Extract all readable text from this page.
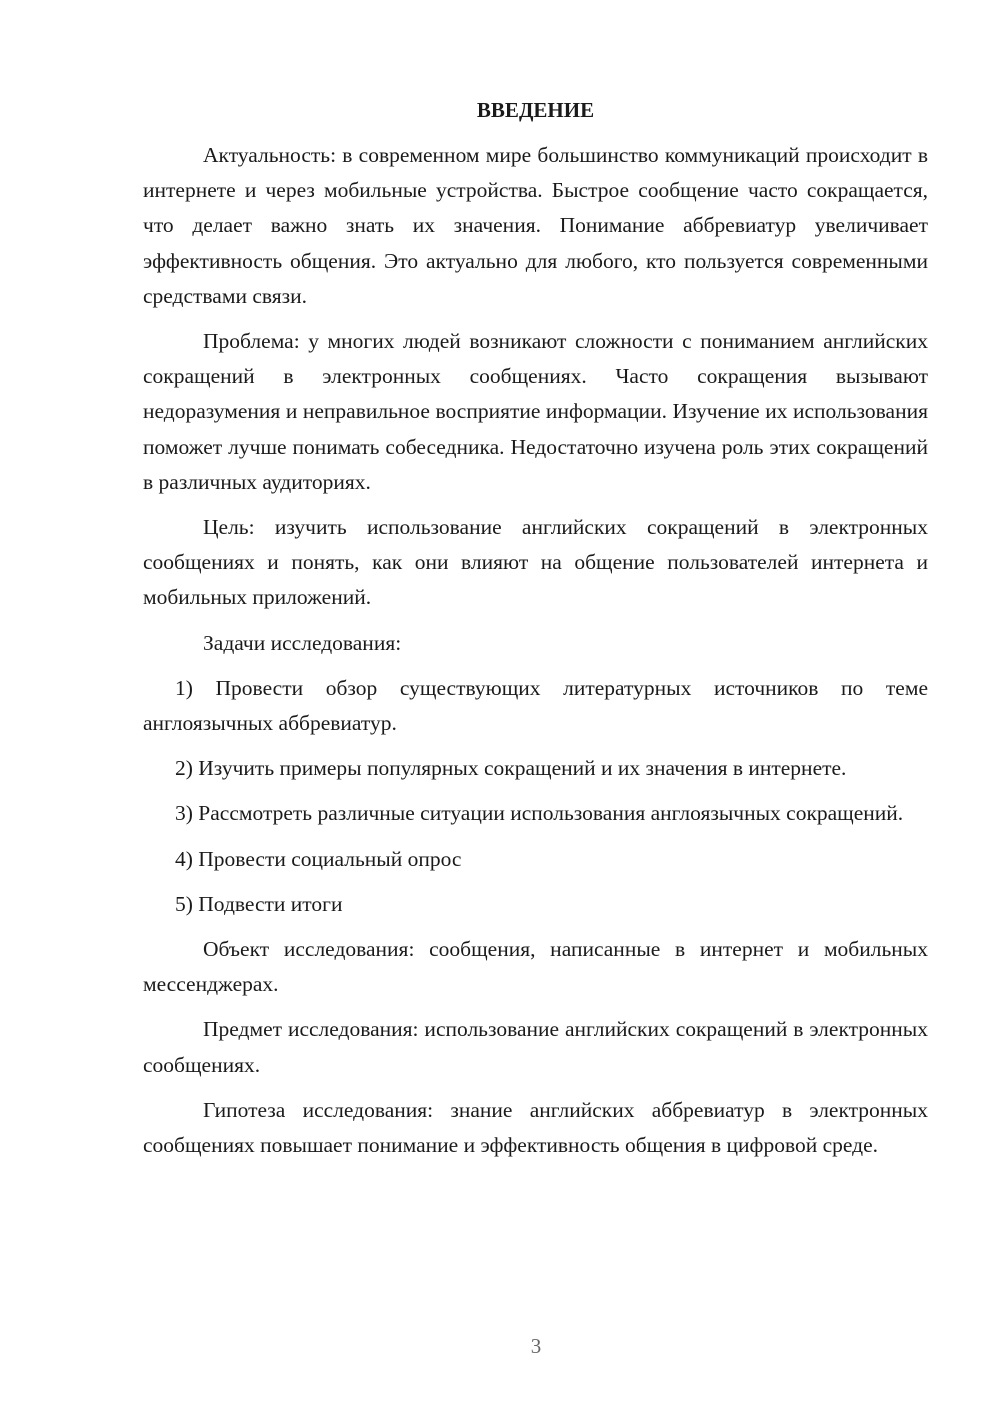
ВВЕДЕНИЕ

Актуальность: в современном мире большинство коммуникаций происходит в интернете и через мобильные устройства. Быстрое сообщение часто сокращается, что делает важно знать их значения. Понимание аббревиатур увеличивает эффективность общения. Это актуально для любого, кто пользуется современными средствами связи.

Проблема: у многих людей возникают сложности с пониманием английских сокращений в электронных сообщениях. Часто сокращения вызывают недоразумения и неправильное восприятие информации. Изучение их использования поможет лучше понимать собеседника. Недостаточно изучена роль этих сокращений в различных аудиториях.

Цель: изучить использование английских сокращений в электронных сообщениях и понять, как они влияют на общение пользователей интернета и мобильных приложений.

Задачи исследования:

1) Провести обзор существующих литературных источников по теме англоязычных аббревиатур.

2) Изучить примеры популярных сокращений и их значения в интернете.

3) Рассмотреть различные ситуации использования англоязычных сокращений.

4) Провести социальный опрос

5) Подвести итоги

Объект исследования: сообщения, написанные в интернет и мобильных мессенджерах.

Предмет исследования: использование английских сокращений в электронных сообщениях.

Гипотеза исследования: знание английских аббревиатур в электронных сообщениях повышает понимание и эффективность общения в цифровой среде.

3
